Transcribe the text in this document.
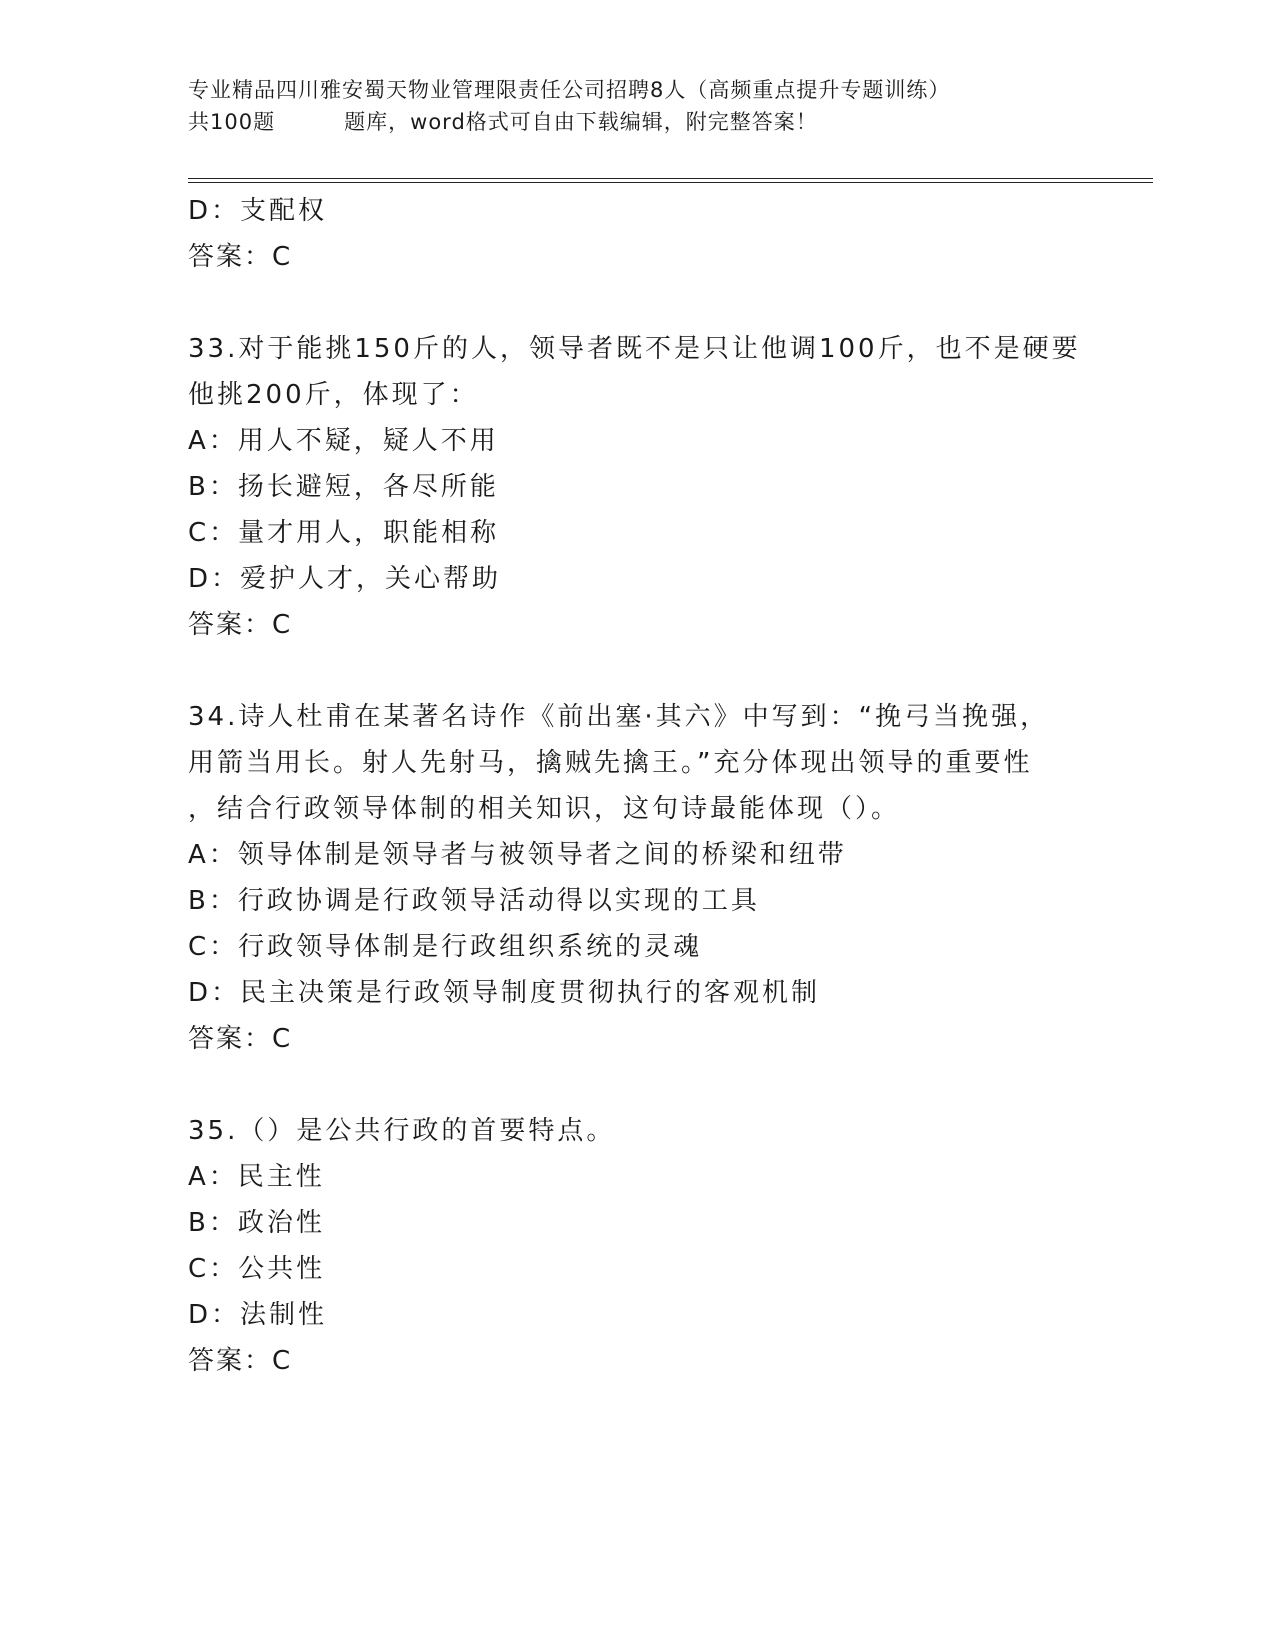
专业精品四川雅安蜀天物业管理限责任公司招聘8人（高频重点提升专题训练）
共100题         题库，word格式可自由下载编辑，附完整答案！
D：支配权
答案：C
33.对于能挑150斤的人，领导者既不是只让他调100斤，也不是硬要
他挑200斤，体现了：
A：用人不疑，疑人不用
B：扬长避短，各尽所能
C：量才用人，职能相称
D：爱护人才，关心帮助
答案：C
34.诗人杜甫在某著名诗作《前出塞·其六》中写到：“挽弓当挽强，
用箭当用长。射人先射马，擒贼先擒王。”充分体现出领导的重要性
，结合行政领导体制的相关知识，这句诗最能体现（）。
A：领导体制是领导者与被领导者之间的桥梁和纽带
B：行政协调是行政领导活动得以实现的工具
C：行政领导体制是行政组织系统的灵魂
D：民主决策是行政领导制度贯彻执行的客观机制
答案：C
35.（）是公共行政的首要特点。
A：民主性
B：政治性
C：公共性
D：法制性
答案：C
